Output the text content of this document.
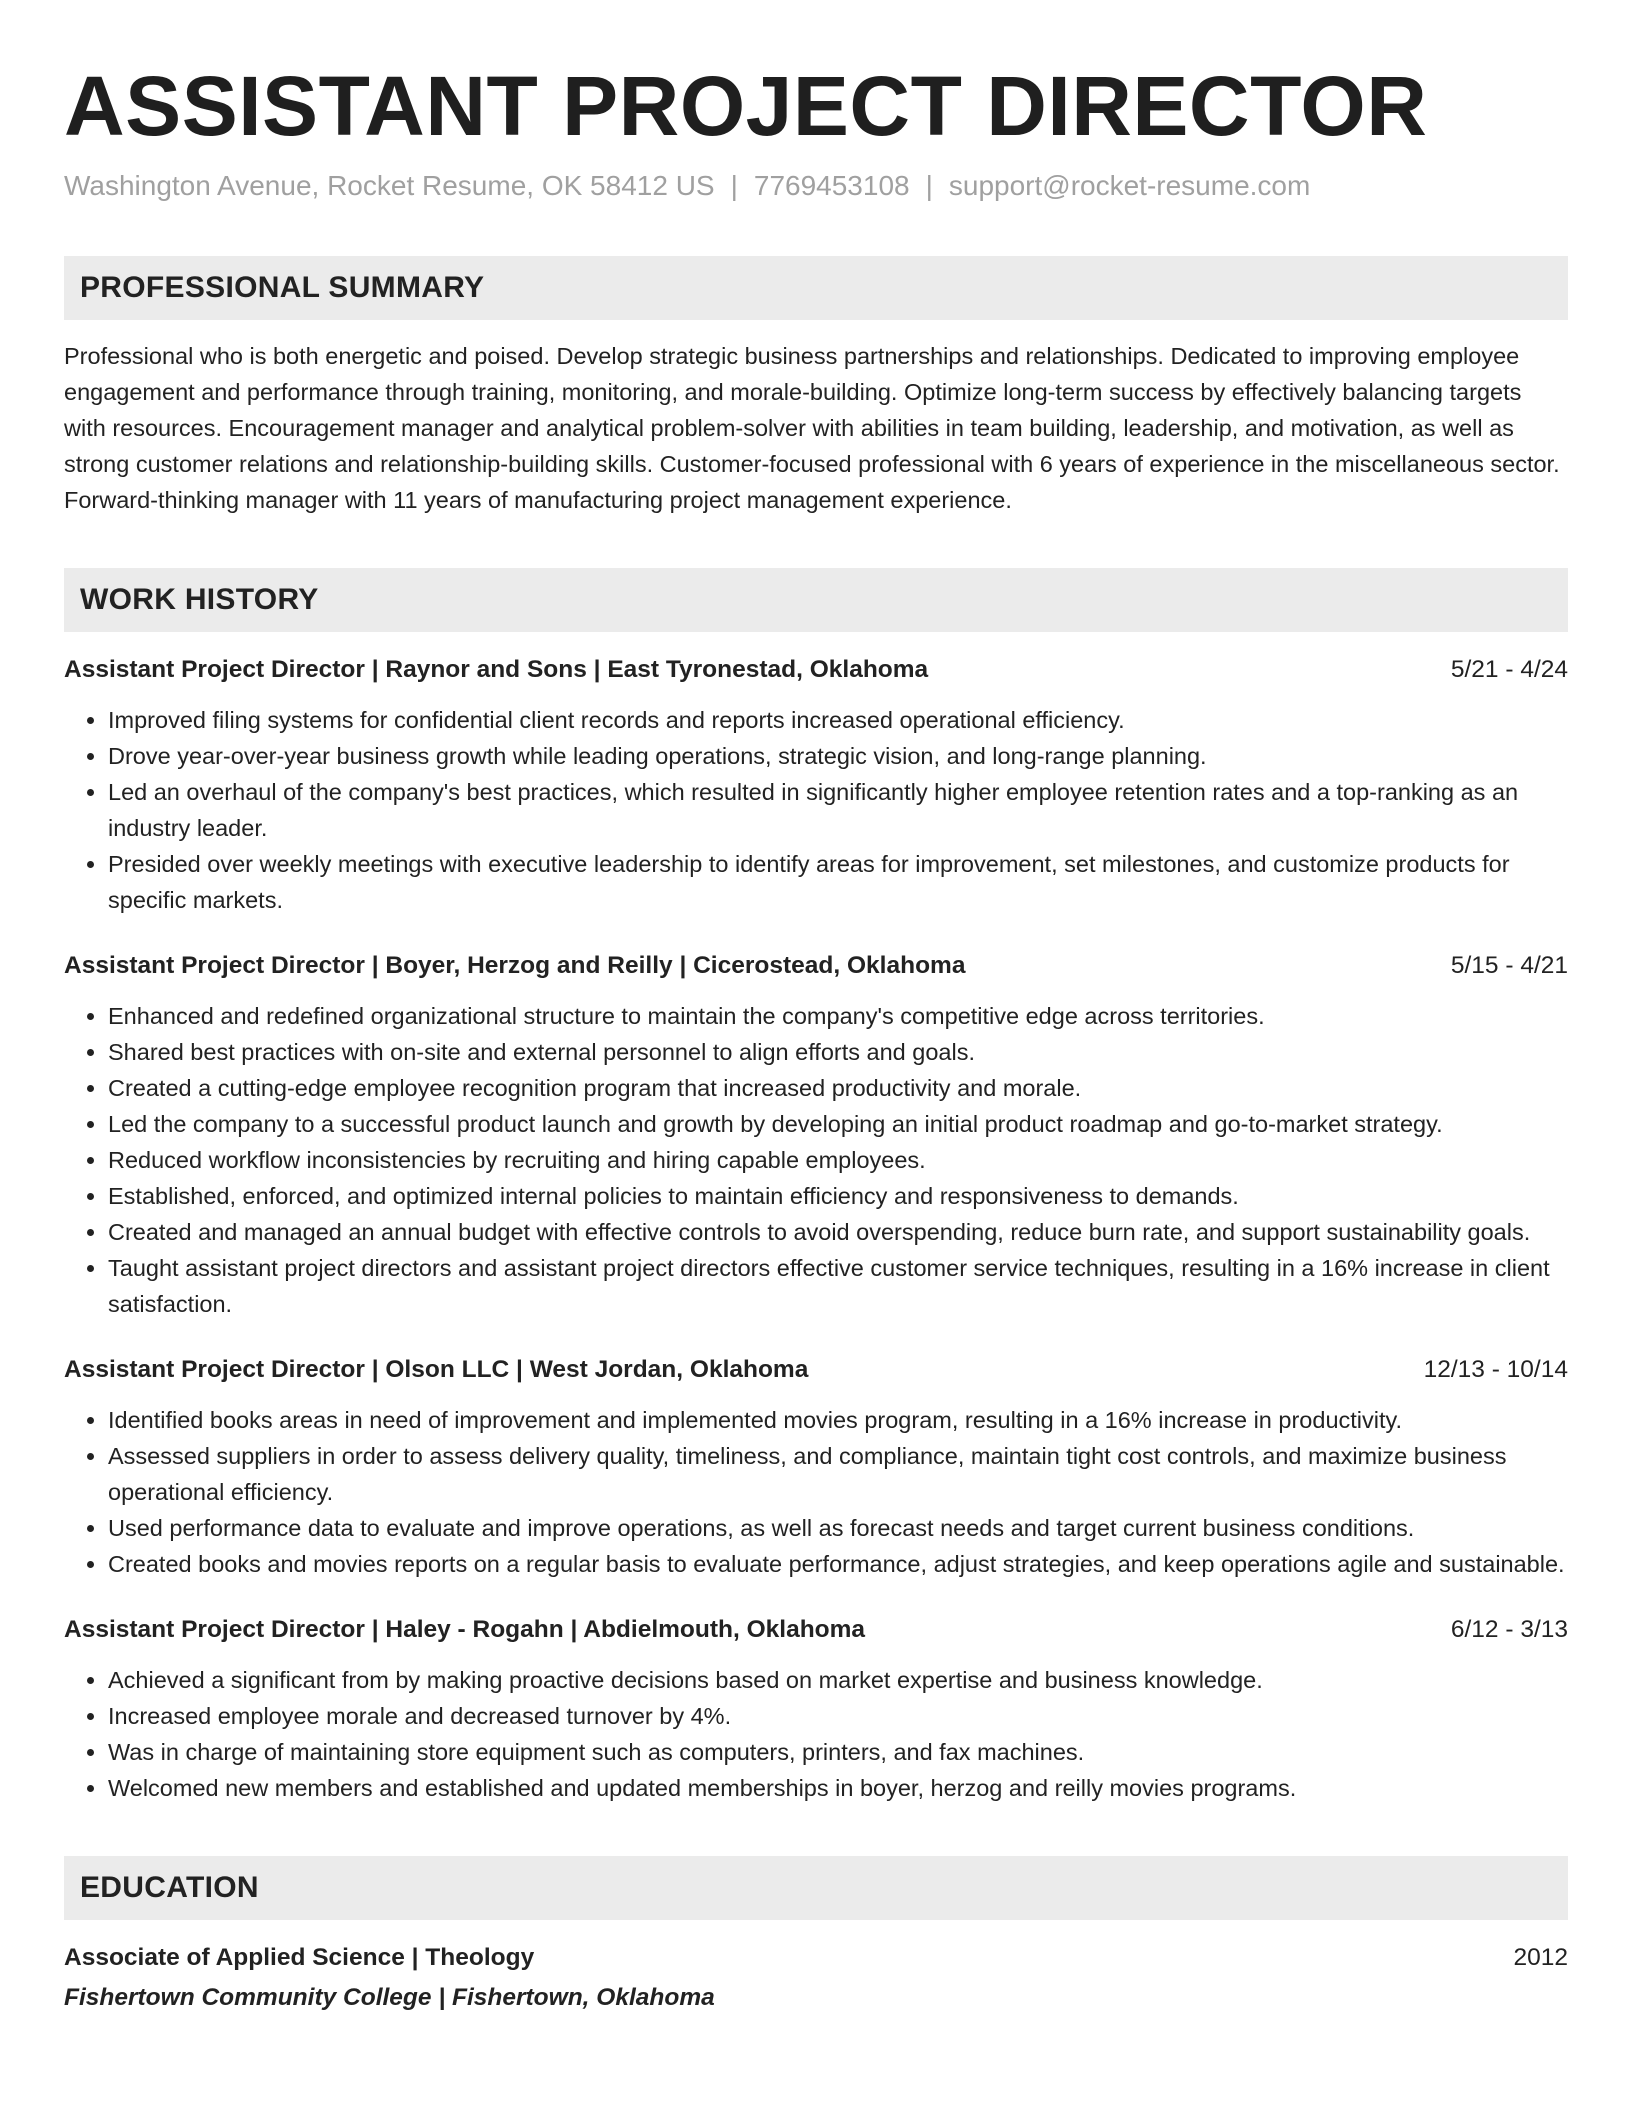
ASSISTANT PROJECT DIRECTOR
Washington Avenue, Rocket Resume, OK 58412 US | 7769453108 | support@rocket-resume.com
PROFESSIONAL SUMMARY
Professional who is both energetic and poised. Develop strategic business partnerships and relationships. Dedicated to improving employee engagement and performance through training, monitoring, and morale-building. Optimize long-term success by effectively balancing targets with resources. Encouragement manager and analytical problem-solver with abilities in team building, leadership, and motivation, as well as strong customer relations and relationship-building skills. Customer-focused professional with 6 years of experience in the miscellaneous sector. Forward-thinking manager with 11 years of manufacturing project management experience.
WORK HISTORY
Assistant Project Director | Raynor and Sons | East Tyronestad, Oklahoma	5/21 - 4/24
• Improved filing systems for confidential client records and reports increased operational efficiency.
• Drove year-over-year business growth while leading operations, strategic vision, and long-range planning.
• Led an overhaul of the company's best practices, which resulted in significantly higher employee retention rates and a top-ranking as an industry leader.
• Presided over weekly meetings with executive leadership to identify areas for improvement, set milestones, and customize products for specific markets.
Assistant Project Director | Boyer, Herzog and Reilly | Cicerostead, Oklahoma	5/15 - 4/21
• Enhanced and redefined organizational structure to maintain the company's competitive edge across territories.
• Shared best practices with on-site and external personnel to align efforts and goals.
• Created a cutting-edge employee recognition program that increased productivity and morale.
• Led the company to a successful product launch and growth by developing an initial product roadmap and go-to-market strategy.
• Reduced workflow inconsistencies by recruiting and hiring capable employees.
• Established, enforced, and optimized internal policies to maintain efficiency and responsiveness to demands.
• Created and managed an annual budget with effective controls to avoid overspending, reduce burn rate, and support sustainability goals.
• Taught assistant project directors and assistant project directors effective customer service techniques, resulting in a 16% increase in client satisfaction.
Assistant Project Director | Olson LLC | West Jordan, Oklahoma	12/13 - 10/14
• Identified books areas in need of improvement and implemented movies program, resulting in a 16% increase in productivity.
• Assessed suppliers in order to assess delivery quality, timeliness, and compliance, maintain tight cost controls, and maximize business operational efficiency.
• Used performance data to evaluate and improve operations, as well as forecast needs and target current business conditions.
• Created books and movies reports on a regular basis to evaluate performance, adjust strategies, and keep operations agile and sustainable.
Assistant Project Director | Haley - Rogahn | Abdielmouth, Oklahoma	6/12 - 3/13
• Achieved a significant from by making proactive decisions based on market expertise and business knowledge.
• Increased employee morale and decreased turnover by 4%.
• Was in charge of maintaining store equipment such as computers, printers, and fax machines.
• Welcomed new members and established and updated memberships in boyer, herzog and reilly movies programs.
EDUCATION
Associate of Applied Science | Theology	2012
Fishertown Community College | Fishertown, Oklahoma
